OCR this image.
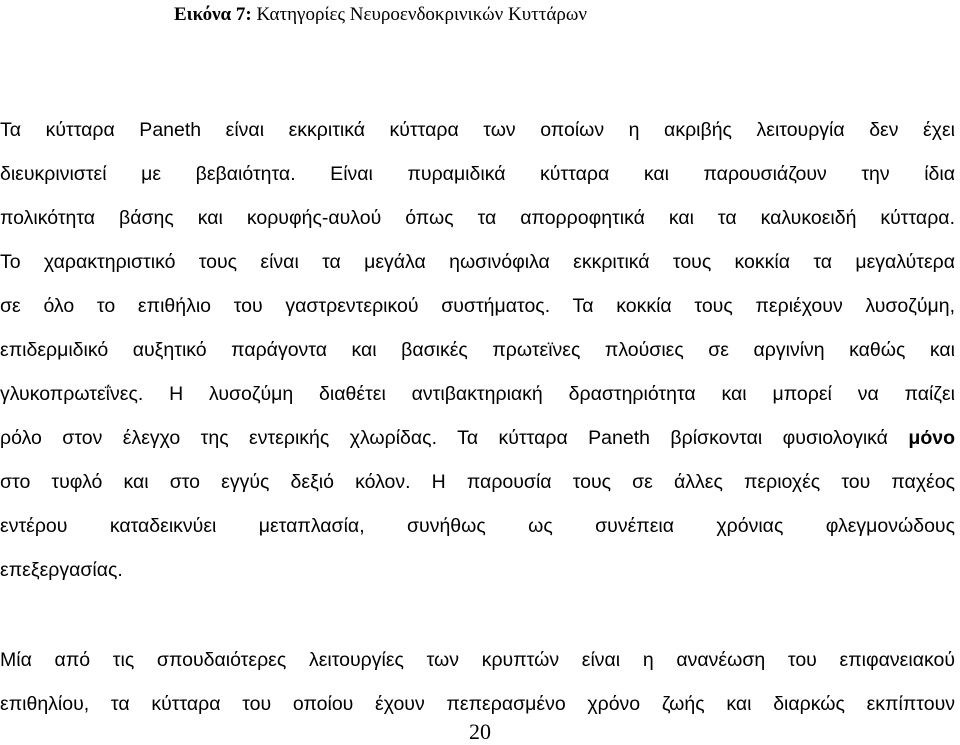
Εικόνα 7: Κατηγορίες Νευροενδοκρινικών Κυττάρων
Τα κύτταρα Paneth είναι εκκριτικά κύτταρα των οποίων η ακριβής λειτουργία δεν έχει
διευκρινιστεί με βεβαιότητα. Είναι πυραμιδικά κύτταρα και παρουσιάζουν την ίδια
πολικότητα βάσης και κορυφής-αυλού όπως τα απορροφητικά και τα καλυκοειδή κύτταρα.
Το χαρακτηριστικό τους είναι τα μεγάλα ηωσινόφιλα εκκριτικά τους κοκκία τα μεγαλύτερα
σε όλο το επιθήλιο του γαστρεντερικού συστήματος. Τα κοκκία τους περιέχουν λυσοζύμη,
επιδερμιδικό αυξητικό παράγοντα και βασικές πρωτεϊνες πλούσιες σε αργινίνη καθώς και
γλυκοπρωτεΐνες. Η λυσοζύμη διαθέτει αντιβακτηριακή δραστηριότητα και μπορεί να παίζει
ρόλο στον έλεγχο της εντερικής χλωρίδας. Τα κύτταρα Paneth βρίσκονται φυσιολογικά μόνο
στο τυφλό και στο εγγύς δεξιό κόλον. Η παρουσία τους σε άλλες περιοχές του παχέος
εντέρου καταδεικνύει μεταπλασία, συνήθως ως συνέπεια χρόνιας φλεγμονώδους
επεξεργασίας.
Μία από τις σπουδαιότερες λειτουργίες των κρυπτών είναι η ανανέωση του επιφανειακού
επιθηλίου, τα κύτταρα του οποίου έχουν πεπερασμένο χρόνο ζωής και διαρκώς εκπίπτουν
20
